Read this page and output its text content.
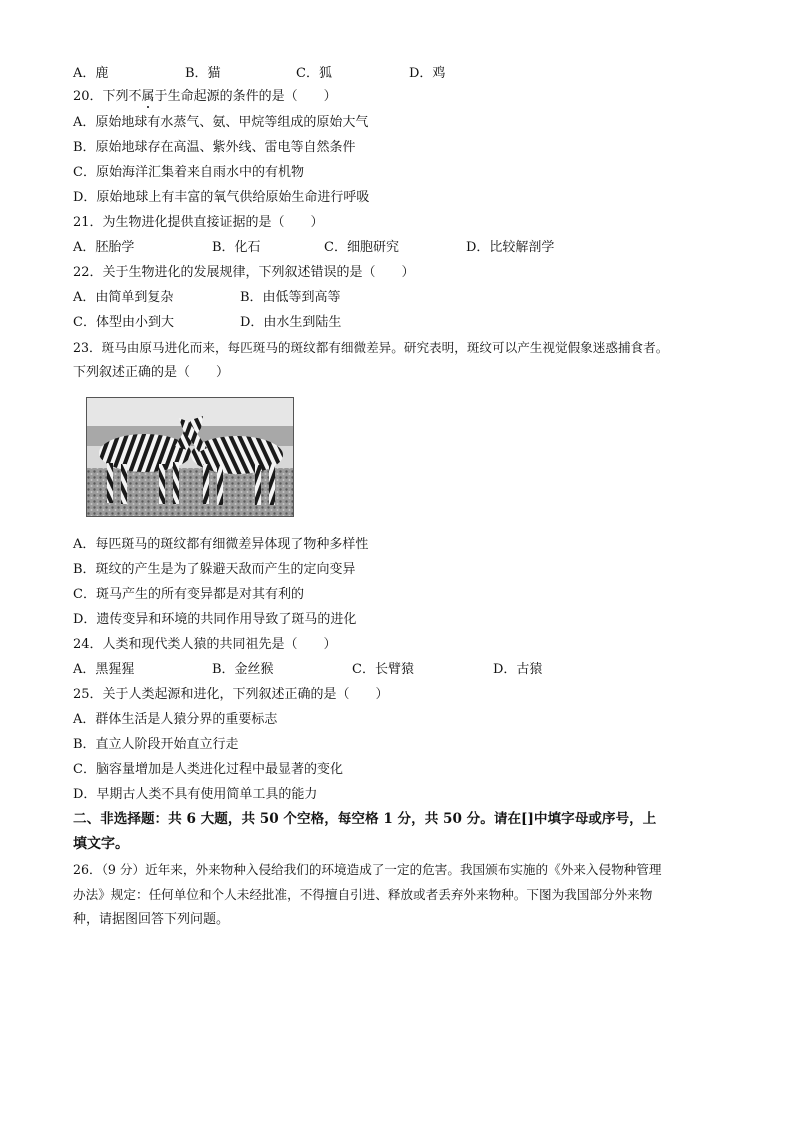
A．鹿	B．猫	C．狐	D．鸡
20．下列不属于生命起源的条件的是（　　）
A．原始地球有水蒸气、氨、甲烷等组成的原始大气
B．原始地球存在高温、紫外线、雷电等自然条件
C．原始海洋汇集着来自雨水中的有机物
D．原始地球上有丰富的氧气供给原始生命进行呼吸
21．为生物进化提供直接证据的是（　　）
A．胚胎学	B．化石	C．细胞研究	D．比较解剖学
22．关于生物进化的发展规律，下列叙述错误的是（　　）
A．由简单到复杂	B．由低等到高等
C．体型由小到大	D．由水生到陆生
23．斑马由原马进化而来，每匹斑马的斑纹都有细微差异。研究表明，斑纹可以产生视觉假象迷惑捕食者。
下列叙述正确的是（　　）
A．每匹斑马的斑纹都有细微差异体现了物种多样性
B．斑纹的产生是为了躲避天敌而产生的定向变异
C．斑马产生的所有变异都是对其有利的
D．遗传变异和环境的共同作用导致了斑马的进化
24．人类和现代类人猿的共同祖先是（　　）
A．黑猩猩	B．金丝猴	C．长臂猿	D．古猿
25．关于人类起源和进化，下列叙述正确的是（　　）
A．群体生活是人猿分界的重要标志
B．直立人阶段开始直立行走
C．脑容量增加是人类进化过程中最显著的变化
D．早期古人类不具有使用简单工具的能力
二、非选择题：共 6 大题，共 50 个空格，每空格 1 分，共 50 分。请在[]中填字母或序号，上
填文字。
26．（9 分）近年来，外来物种入侵给我们的环境造成了一定的危害。我国颁布实施的《外来入侵物种管理
办法》规定：任何单位和个人未经批准，不得擅自引进、释放或者丢弃外来物种。下图为我国部分外来物
种，请据图回答下列问题。
